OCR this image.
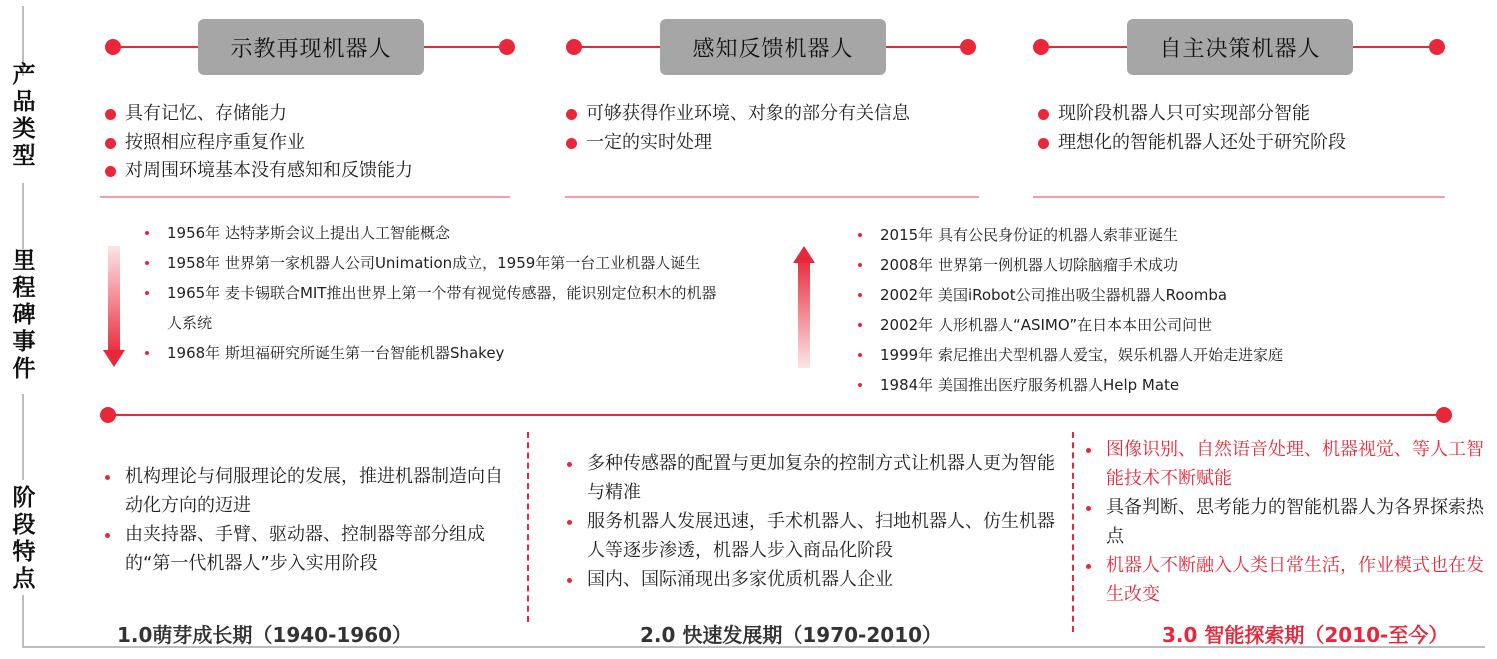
产
品
类
型
里
程
碑
事
件
阶
段
特
点
示教再现机器人
具有记忆、存储能力
按照相应程序重复作业
对周围环境基本没有感知和反馈能力
感知反馈机器人
可够获得作业环境、对象的部分有关信息
一定的实时处理
自主决策机器人
现阶段机器人只可实现部分智能
理想化的智能机器人还处于研究阶段
1956年 达特茅斯会议上提出人工智能概念
1958年 世界第一家机器人公司Unimation成立，1959年第一台工业机器人诞生
1965年 麦卡锡联合MIT推出世界上第一个带有视觉传感器，能识别定位积木的机器人系统
1968年 斯坦福研究所诞生第一台智能机器Shakey
2015年 具有公民身份证的机器人索菲亚诞生
2008年 世界第一例机器人切除脑瘤手术成功
2002年 美国iRobot公司推出吸尘器机器人Roomba
2002年 人形机器人“ASIMO”在日本本田公司问世
1999年 索尼推出犬型机器人爱宝，娱乐机器人开始走进家庭
1984年 美国推出医疗服务机器人Help Mate
机构理论与伺服理论的发展，推进机器制造向自动化方向的迈进
由夹持器、手臂、驱动器、控制器等部分组成的“第一代机器人”步入实用阶段
1.0萌芽成长期（1940-1960）
多种传感器的配置与更加复杂的控制方式让机器人更为智能与精准
服务机器人发展迅速，手术机器人、扫地机器人、仿生机器人等逐步渗透，机器人步入商品化阶段
国内、国际涌现出多家优质机器人企业
2.0 快速发展期（1970-2010）
图像识别、自然语音处理、机器视觉、等人工智能技术不断赋能
具备判断、思考能力的智能机器人为各界探索热点
机器人不断融入人类日常生活，作业模式也在发生改变
3.0 智能探索期（2010-至今）
